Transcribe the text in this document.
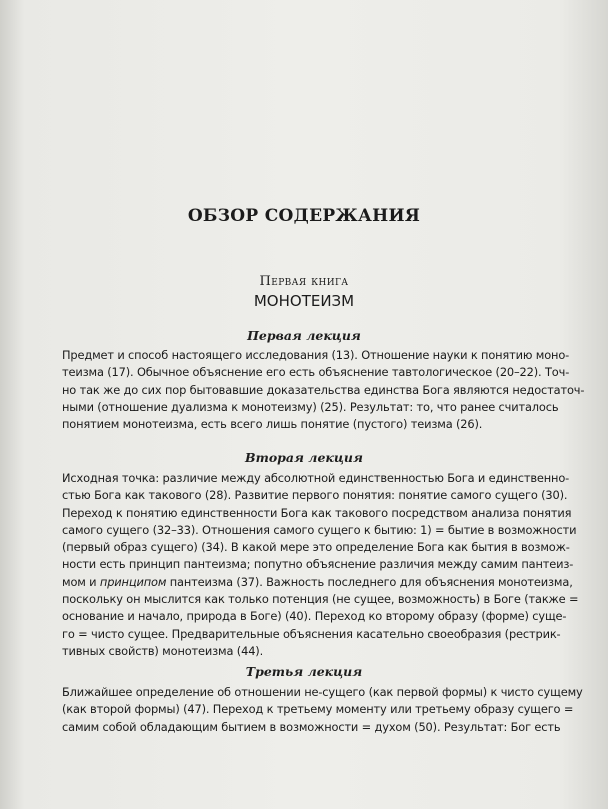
ОБЗОР СОДЕРЖАНИЯ
Первая книга
МОНОТЕИЗМ
Первая лекция

Предмет и способ настоящего исследования (13). Отношение науки к понятию моно-
теизма (17). Обычное объяснение его есть объяснение тавтологическое (20–22). Точ-
но так же до сих пор бытовавшие доказательства единства Бога являются недостаточ-
ными (отношение дуализма к монотеизму) (25). Результат: то, что ранее считалось
понятием монотеизма, есть всего лишь понятие (пустого) теизма (26).

Вторая лекция

Исходная точка: различие между абсолютной единственностью Бога и единственно-
стью Бога как такового (28). Развитие первого понятия: понятие самого сущего (30).
Переход к понятию единственности Бога как такового посредством анализа понятия
самого сущего (32–33). Отношения самого сущего к бытию: 1) = бытие в возможности
(первый образ сущего) (34). В какой мере это определение Бога как бытия в возмож-
ности есть принцип пантеизма; попутно объяснение различия между самим пантеиз-
мом и принципом пантеизма (37). Важность последнего для объяснения монотеизма,
поскольку он мыслится как только потенция (не сущее, возможность) в Боге (также =
основание и начало, природа в Боге) (40). Переход ко второму образу (форме) суще-
го = чисто сущее. Предварительные объяснения касательно своеобразия (рестрик-
тивных свойств) монотеизма (44).

Третья лекция

Ближайшее определение об отношении не-сущего (как первой формы) к чисто сущему
(как второй формы) (47). Переход к третьему моменту или третьему образу сущего =
самим собой обладающим бытием в возможности = духом (50). Результат: Бог есть
